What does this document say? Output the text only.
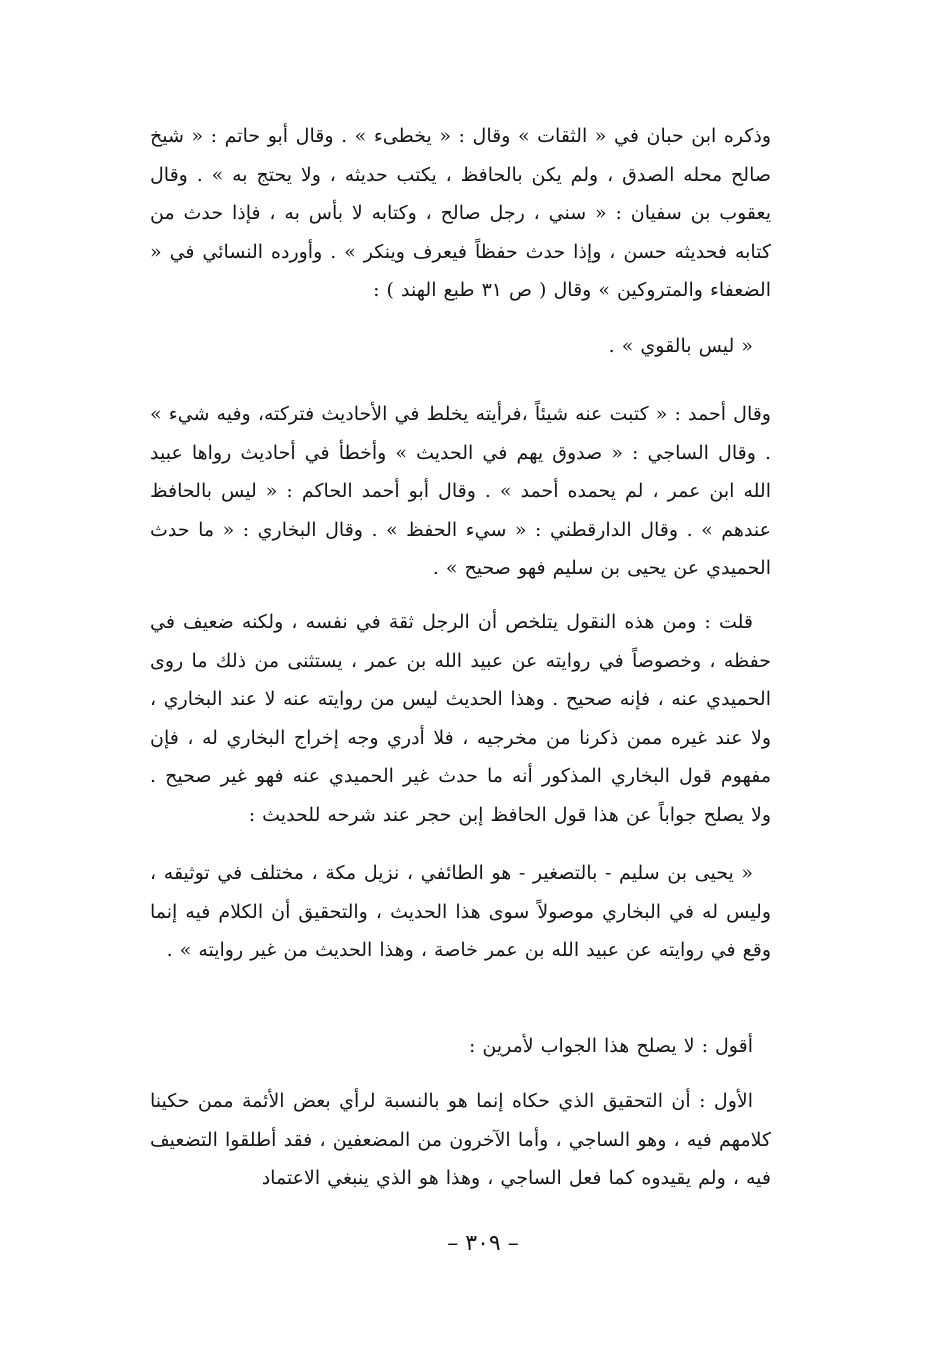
وذكره ابن حبان في « الثقات » وقال : « يخطىء » . وقال أبو حاتم : « شيخ صالح محله الصدق ، ولم يكن بالحافظ ، يكتب حديثه ، ولا يحتج به » . وقال يعقوب بن سفيان : « سني ، رجل صالح ، وكتابه لا بأس به ، فإذا حدث من كتابه فحديثه حسن ، وإذا حدث حفظاً فيعرف وينكر » . وأورده النسائي في « الضعفاء والمتروكين » وقال ( ص ٣١ طبع الهند ) :

« ليس بالقوي » .

وقال أحمد : « كتبت عنه شيئاً ،فرأيته يخلط في الأحاديث فتركته، وفيه شيء » . وقال الساجي : « صدوق يهم في الحديث » وأخطأ في أحاديث رواها عبيد الله ابن عمر ، لم يحمده أحمد » . وقال أبو أحمد الحاكم : « ليس بالحافظ عندهم » . وقال الدارقطني : « سيء الحفظ » . وقال البخاري : « ما حدث الحميدي عن يحيى بن سليم فهو صحيح » .

قلت : ومن هذه النقول يتلخص أن الرجل ثقة في نفسه ، ولكنه ضعيف في حفظه ، وخصوصاً في روايته عن عبيد الله بن عمر ، يستثنى من ذلك ما روى الحميدي عنه ، فإنه صحيح . وهذا الحديث ليس من روايته عنه لا عند البخاري ، ولا عند غيره ممن ذكرنا من مخرجيه ، فلا أدري وجه إخراج البخاري له ، فإن مفهوم قول البخاري المذكور أنه ما حدث غير الحميدي عنه فهو غير صحيح . ولا يصلح جواباً عن هذا قول الحافظ إبن حجر عند شرحه للحديث :

« يحيى بن سليم - بالتصغير - هو الطائفي ، نزيل مكة ، مختلف في توثيقه ، وليس له في البخاري موصولاً سوى هذا الحديث ، والتحقيق أن الكلام فيه إنما وقع في روايته عن عبيد الله بن عمر خاصة ، وهذا الحديث من غير روايته » .

أقول : لا يصلح هذا الجواب لأمرين :

الأول : أن التحقيق الذي حكاه إنما هو بالنسبة لرأي بعض الأئمة ممن حكينا كلامهم فيه ، وهو الساجي ، وأما الآخرون من المضعفين ، فقد أطلقوا التضعيف فيه ، ولم يقيدوه كما فعل الساجي ، وهذا هو الذي ينبغي الاعتماد

– ٣٠٩ –
